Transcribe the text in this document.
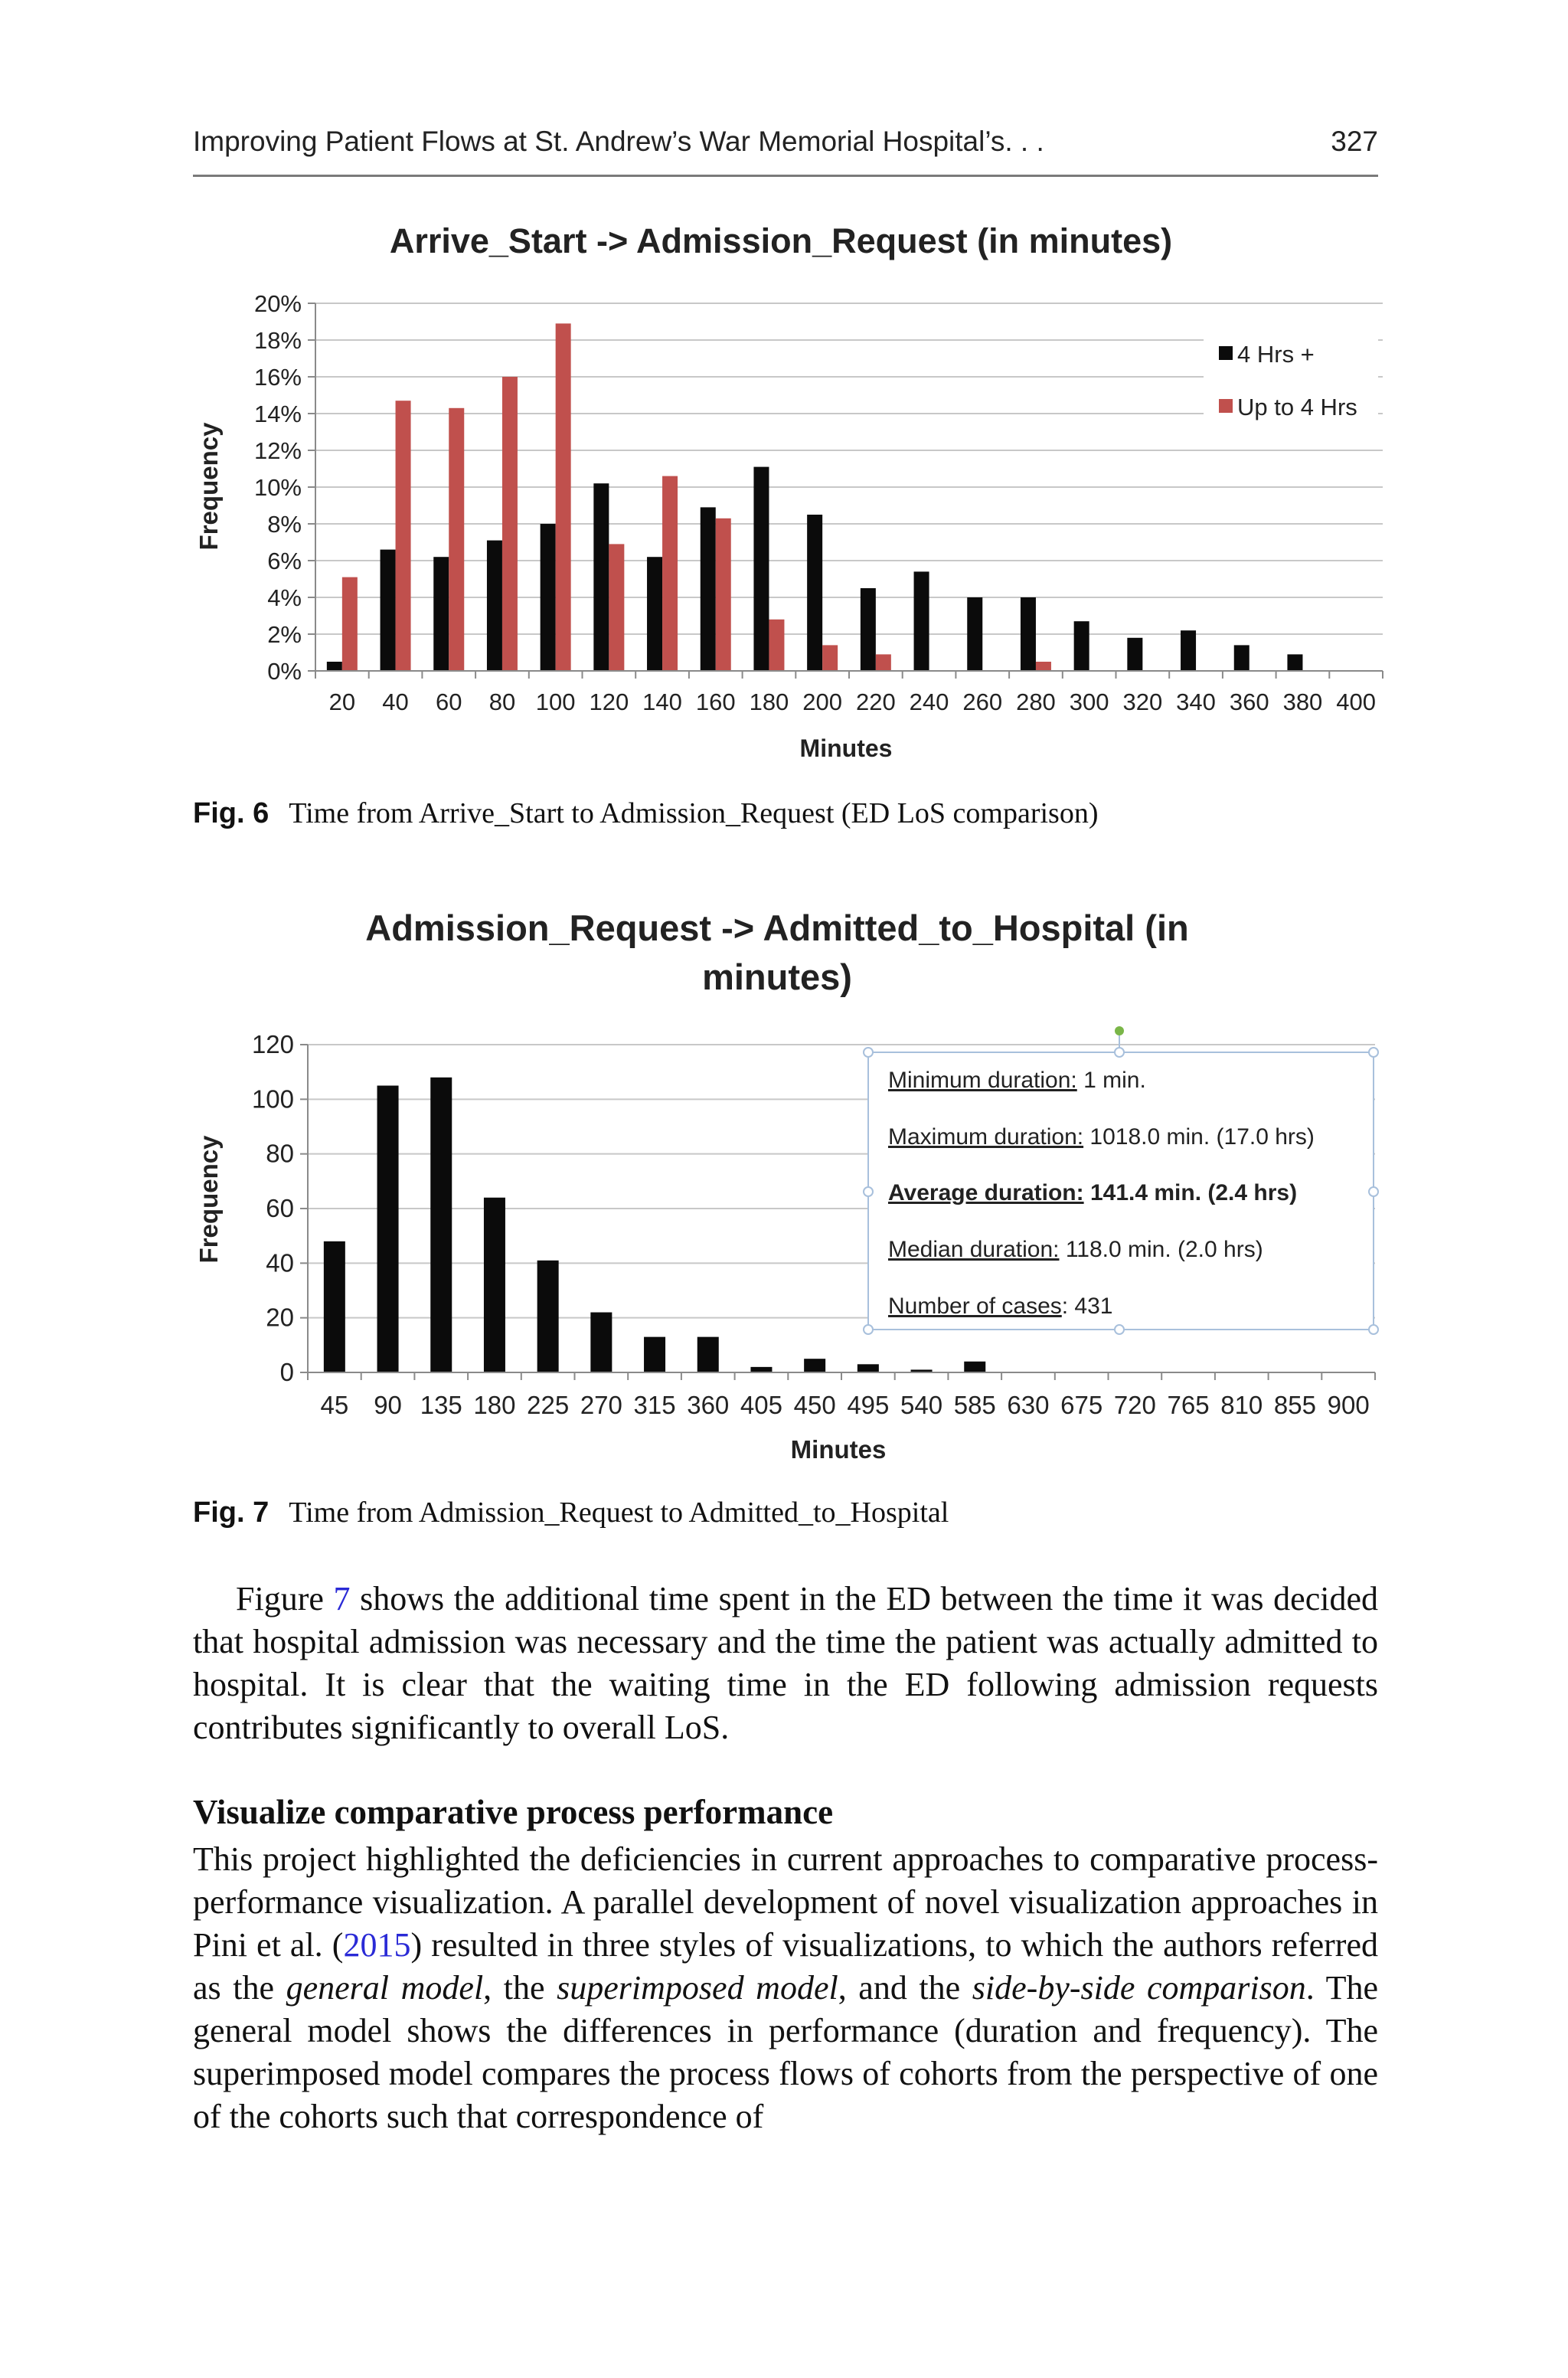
Improving Patient Flows at St. Andrew’s War Memorial Hospital’s. . .	327
Arrive_Start -> Admission_Request (in minutes)
0%
2%
4%
6%
8%
10%
12%
14%
16%
18%
20%
20 40 60 80 100 120 140 160 180 200 220 240 260 280 300 320 340 360 380 400
4 Hrs +
Up to 4 Hrs
Minutes
Frequency
Fig. 6 Time from Arrive_Start to Admission_Request (ED LoS comparison)
Admission_Request -> Admitted_to_Hospital (in
minutes)
0
20
40
60
80
100
120
45 90 135 180 225 270 315 360 405 450 495 540 585 630 675 720 765 810 855 900
Minimum duration: 1 min.
Maximum duration: 1018.0 min. (17.0 hrs)
Average duration: 141.4 min. (2.4 hrs)
Median duration: 118.0 min. (2.0 hrs)
Number of cases: 431
Minutes
Frequency
Fig. 7 Time from Admission_Request to Admitted_to_Hospital

Figure 7 shows the additional time spent in the ED between the time it was decided that hospital admission was necessary and the time the patient was actually admitted to hospital. It is clear that the waiting time in the ED following admission requests contributes significantly to overall LoS.

Visualize comparative process performance

This project highlighted the deficiencies in current approaches to comparative process-performance visualization. A parallel development of novel visualization approaches in Pini et al. (2015) resulted in three styles of visualizations, to which the authors referred as the general model, the superimposed model, and the side-by-side comparison. The general model shows the differences in performance (duration and frequency). The superimposed model compares the process flows of cohorts from the perspective of one of the cohorts such that correspondence of
